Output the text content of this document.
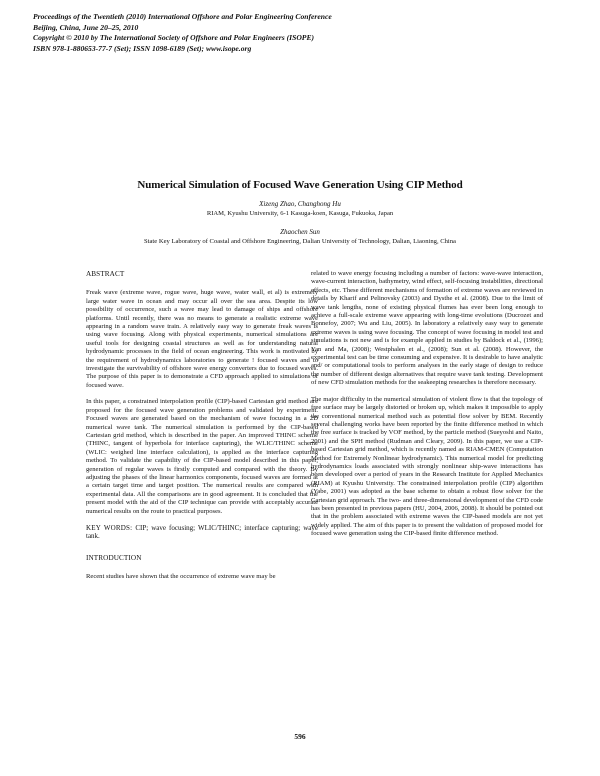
Proceedings of the Twentieth (2010) International Offshore and Polar Engineering Conference
Beijing, China, June 20–25, 2010
Copyright © 2010 by The International Society of Offshore and Polar Engineers (ISOPE)
ISBN 978-1-880653-77-7 (Set); ISSN 1098-6189 (Set); www.isope.org
Numerical Simulation of Focused Wave Generation Using CIP Method
Xizeng Zhao, Changhong Hu
RIAM, Kyushu University, 6-1 Kasuga-koen, Kasuga, Fukuoka, Japan
Zhaochen Sun
State Key Laboratory of Coastal and Offshore Engineering, Dalian University of Technology, Dalian, Liaoning, China
ABSTRACT

Freak wave (extreme wave, rogue wave, huge wave, water wall, et al) is extremely large water wave in ocean and may occur all over the sea area. Despite its low possibility of occurrence, such a wave may lead to damage of ships and offshore platforms. Until recently, there was no means to generate a realistic extreme wave appearing in a random wave train. A relatively easy way to generate freak waves is using wave focusing. Along with physical experiments, numerical simulations are useful tools for designing coastal structures as well as for understanding natural hydrodynamic processes in the field of ocean engineering. This work is motivated by the requirement of hydrodynamics laboratories to generate ! focused waves and to investigate the survivability of offshore wave energy converters due to focused waves. The purpose of this paper is to demonstrate a CFD approach applied to simulations of focused wave.

In this paper, a constrained interpolation profile (CIP)-based Cartesian grid method are proposed for the focused wave generation problems and validated by experiment. Focused waves are generated based on the mechanism of wave focusing in a 2D numerical wave tank. The numerical simulation is performed by the CIP-based Cartesian grid method, which is described in the paper. An improved THINC scheme (THINC, tangent of hyperbola for interface capturing), the WLIC/THINC scheme (WLIC: weighed line interface calculation), is applied as the interface capturing method. To validate the capability of the CIP-based model described in this paper, generation of regular waves is firstly computed and compared with the theory. By adjusting the phases of the linear harmonics components, focused waves are formed at a certain target time and target position. The numerical results are compared with experimental data. All the comparisons are in good agreement. It is concluded that the present model with the aid of the CIP technique can provide with acceptably accurate numerical results on the route to practical purposes.

KEY WORDS: CIP; wave focusing; WLIC/THINC; interface capturing; wave tank.

INTRODUCTION

Recent studies have shown that the occurrence of extreme wave may be

related to wave energy focusing including a number of factors: wave-wave interaction, wave-current interaction, bathymetry, wind effect, self-focusing instabilities, directional effects, etc. These different mechanisms of formation of extreme waves are reviewed in details by Kharif and Pelinovsky (2003) and Dysthe et al. (2008). Due to the limit of wave tank lengths, none of existing physical flumes has ever been long enough to achieve a full-scale extreme wave appearing with long-time evolutions (Ducrozet and Bonnefoy, 2007; Wu and Liu, 2005). In laboratory a relatively easy way to generate extreme waves is using wave focusing. The concept of wave focusing in model test and simulations is not new and is for example applied in studies by Baldock et al., (1996); Yan and Ma, (2008); Westphalen et al., (2008); Sun et al. (2008). However, the experimental test can be time consuming and expensive. It is desirable to have analytic and/ or computational tools to perform analyses in the early stage of design to reduce the number of different design alternatives that require wave tank testing. Development of new CFD simulation methods for the seakeeping researches is therefore necessary.

The major difficulty in the numerical simulation of violent flow is that the topology of free surface may be largely distorted or broken up, which makes it impossible to apply the conventional numerical method such as potential flow solver by BEM. Recently several challenging works have been reported by the finite difference method in which the free surface is tracked by VOF method, by the particle method (Sueyoshi and Naito, 2001) and the SPH method (Rudman and Cleary, 2009). In this paper, we use a CIP-based Cartesian grid method, which is recently named as RIAM-CMEN (Computation Method for Extremely Nonlinear hydrodynamic). This numerical model for predicting hydrodynamics loads associated with strongly nonlinear ship-wave interactions has been developed over a period of years in the Research Institute for Applied Mechanics (RIAM) at Kyushu University. The constrained interpolation profile (CIP) algorithm (Yabe, 2001) was adopted as the base scheme to obtain a robust flow solver for the Cartesian grid approach. The two- and three-dimensional development of the CFD code has been presented in previous papers (HU, 2004, 2006, 2008). It should be pointed out that in the problem associated with extreme waves the CIP-based models are not yet widely applied. The aim of this paper is to present the validation of proposed model for focused wave generation using the CIP-based finite difference method.

596
